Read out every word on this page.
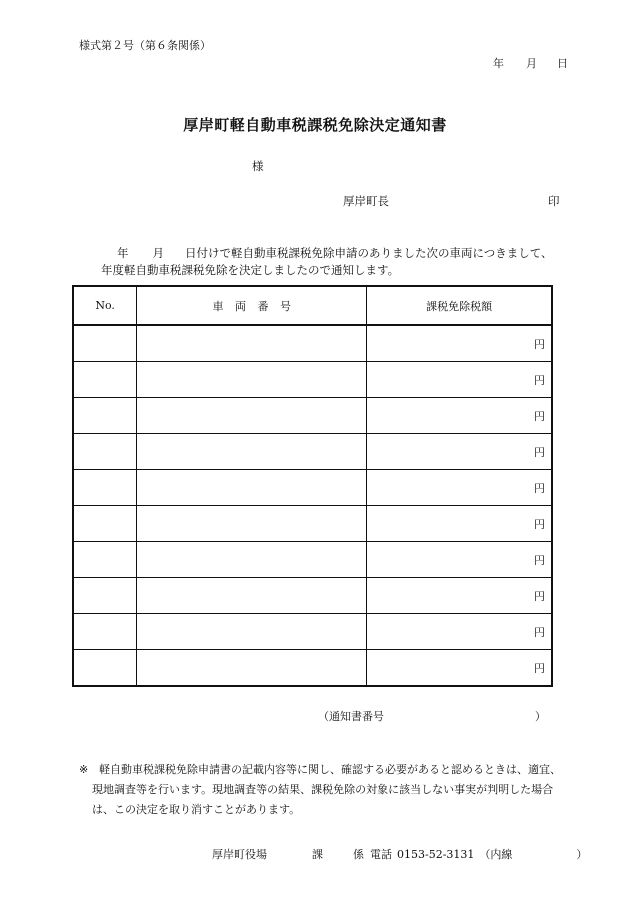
様式第２号（第６条関係）
年 月 日
厚岸町軽自動車税課税免除決定通知書
様
厚岸町長	印
年 月 日付けで軽自動車税課税免除申請のありました次の車両につきまして、
年度軽自動車税課税免除を決定しましたので通知します。
No.	車 両 番 号	課税免除税額
		円
		円
		円
		円
		円
		円
		円
		円
		円
		円
（通知書番号	）
※ 軽自動車税課税免除申請書の記載内容等に関し、確認する必要があると認めるときは、適宜、現地調査等を行います。現地調査等の結果、課税免除の対象に該当しない事実が判明した場合は、この決定を取り消すことがあります。
厚岸町役場	課	係 電話 0153-52-3131 （内線	）
